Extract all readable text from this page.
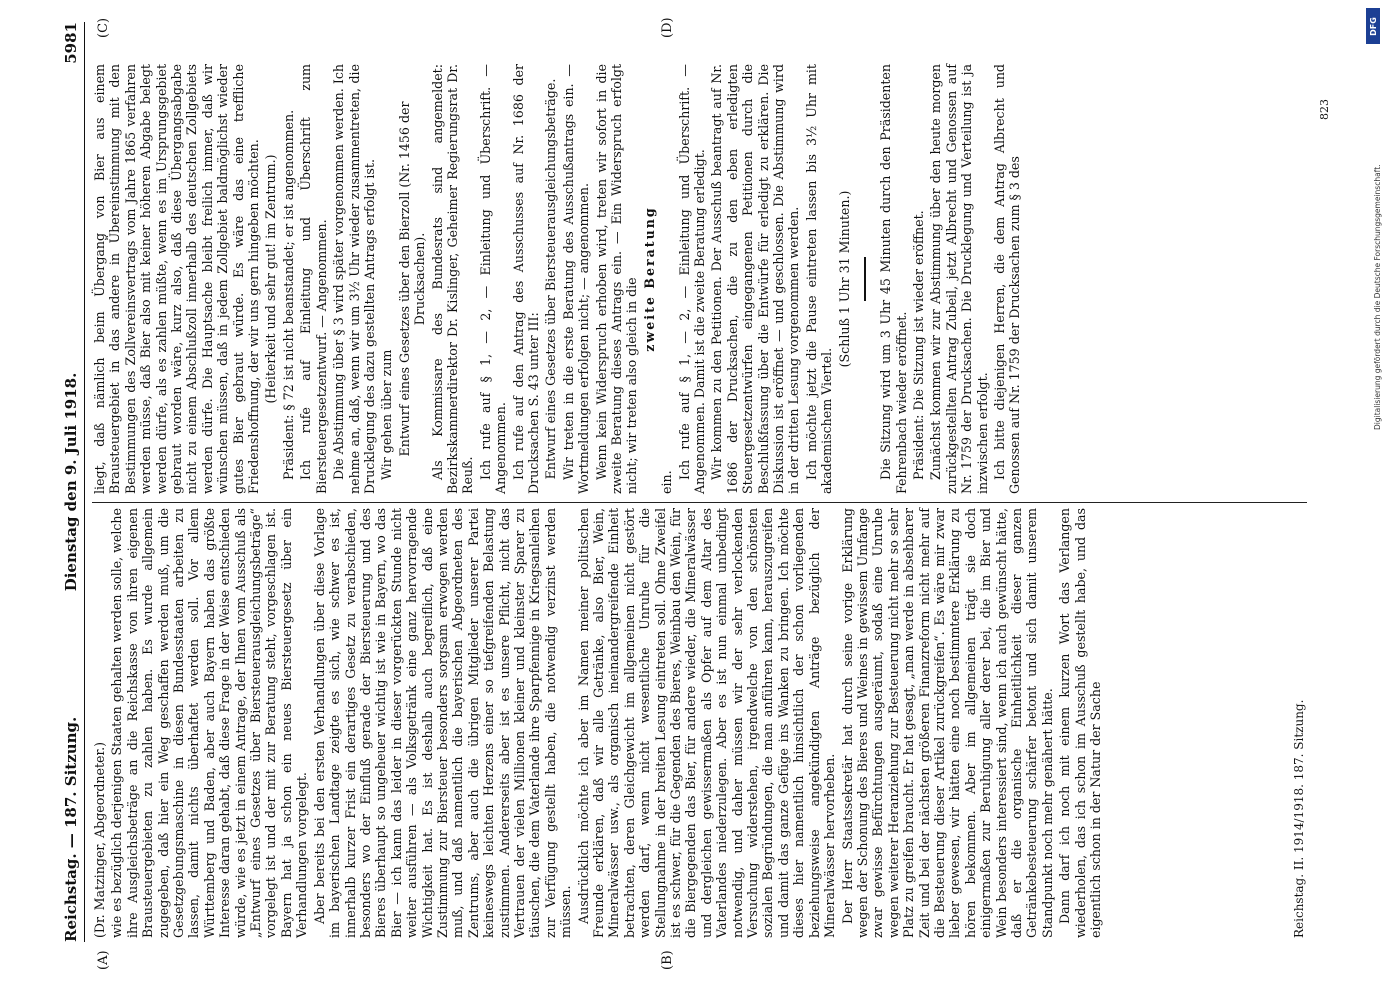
Reichstag. — 187. Sitzung.
Dienstag den 9. Juli 1918.
5981
(A)	(B)
(C)	(D)

(Dr. Matzinger, Abgeordneter.) wie es bezüglich derjenigen Staaten gehalten werden solle, welche ihre Ausgleichsbeträge an die Reichskasse von ihren eigenen Brausteuergebieten zu zahlen haben. Es wurde allgemein zugegeben, daß hier ein Weg geschaffen werden muß, um die Gesetzgebungsmaschine in diesen Bundesstaaten arbeiten zu lassen, damit nichts überhaftet werden soll. Vor allem Württemberg und Baden, aber auch Bayern haben das größte Interesse daran gehabt, daß diese Frage in der Weise entschieden würde, wie es jetzt in einem Antrage, der Ihnen vom Ausschuß als „Entwurf eines Gesetzes über Biersteuerausgleichungsbeträge“ vorgelegt ist und der mit zur Beratung steht, vorgeschlagen ist. Bayern hat ja schon ein neues Biersteuergesetz über ein Verhandlungen vorgelegt. Aber bereits bei den ersten Verhandlungen über diese Vorlage im bayerischen Landtage zeigte es sich, wie schwer es ist, innerhalb kurzer Frist ein derartiges Gesetz zu verabschieden, besonders wo der Einfluß gerade der Biersteuerung und des Bieres überhaupt so ungeheuer wichtig ist wie in Bayern, wo das Bier — ich kann das leider in dieser vorgerückten Stunde nicht weiter ausführen — als Volksgetränk eine ganz hervorragende Wichtigkeit hat. Es ist deshalb auch begreiflich, daß eine Zustimmung zur Biersteuer besonders sorgsam erwogen werden muß, und daß namentlich die bayerischen Abgeordneten des Zentrums, aber auch die übrigen Mitglieder unserer Partei keineswegs leichten Herzens einer so tiefgreifenden Belastung zustimmen. Andererseits aber ist es unsere Pflicht, nicht das Vertrauen der vielen Millionen kleiner und kleinster Sparer zu täuschen, die dem Vaterlande ihre Sparpfennige in Kriegsanleihen zur Verfügung gestellt haben, die notwendig verzinst werden müssen. Ausdrücklich möchte ich aber im Namen meiner politischen Freunde erklären, daß wir alle Getränke, also Bier, Wein, Mineralwässer usw., als organisch ineinandergreifende Einheit betrachten, deren Gleichgewicht im allgemeinen nicht gestört werden darf, wenn nicht wesentliche Unruhe für die Stellungnahme in der breiten Lesung eintreten soll. Ohne Zweifel ist es schwer, für die Gegenden des Bieres, Weinbau den Wein, für die Biergegenden das Bier, für andere wieder, die Mineralwässer und dergleichen gewissermaßen als Opfer auf dem Altar des Vaterlandes niederzulegen. Aber es ist nun einmal unbedingt notwendig, und daher müssen wir der sehr verlockenden Versuchung widerstehen, irgendwelche von den schönsten sozialen Begründungen, die man anführen kann, herauszugreifen und damit das ganze Gefüge ins Wanken zu bringen. Ich möchte dieses hier namentlich hinsichtlich der schon vorliegenden beziehungsweise angekündigten Anträge bezüglich der Mineralwässer hervorheben. Der Herr Staatssekretär hat durch seine vorige Erklärung wegen der Schonung des Bieres und Weines in gewissem Umfange zwar gewisse Befürchtungen ausgeräumt, sodaß eine Unruhe wegen weiterer Heranziehung zur Besteuerung nicht mehr so sehr Platz zu greifen braucht. Er hat gesagt, „man werde in absehbarer Zeit und bei der nächsten größeren Finanzreform nicht mehr auf die Besteuerung dieser Artikel zurückgreifen“. Es wäre mir zwar lieber gewesen, wir hätten eine noch bestimmtere Erklärung zu hören bekommen. Aber im allgemeinen trägt sie doch einigermaßen zur Beruhigung aller derer bei, die im Bier und Wein besonders interessiert sind, wenn ich auch gewünscht hätte, daß er die organische Einheitlichkeit dieser ganzen Getränkebesteuerung schärfer betont und sich damit unserem Standpunkt noch mehr genähert hätte. Dann darf ich noch mit einem kurzen Wort das Verlangen wiederholen, das ich schon im Ausschuß gestellt habe, und das eigentlich schon in der Natur der Sache

liegt, daß nämlich beim Übergang von Bier aus einem Brausteuergebiet in das andere in Übereinstimmung mit den Bestimmungen des Zollvereinsvertrags vom Jahre 1865 verfahren werden müsse, daß Bier also mit keiner höheren Abgabe belegt werden dürfe, als es zahlen müßte, wenn es im Ursprungsgebiet gebraut worden wäre, kurz also, daß diese Übergangsabgabe nicht zu einem Abschlußzoll innerhalb des deutschen Zollgebiets werden dürfe. Die Hauptsache bleibt freilich immer, daß wir wünschen müssen, daß in jedem Zollgebiet baldmöglichst wieder gutes Bier gebraut würde. Es wäre das eine treffliche Friedenshoffnung, der wir uns gern hingeben möchten. (Heiterkeit und sehr gut! im Zentrum.) Präsident: § 72 ist nicht beanstandet; er ist angenommen. Ich rufe auf Einleitung und Überschrift zum Biersteuergesetzentwurf. — Angenommen. Die Abstimmung über § 3 wird später vorgenommen werden. Ich nehme an, daß, wenn wir um 3½ Uhr wieder zusammentreten, die Drucklegung des dazu gestellten Antrags erfolgt ist. Wir gehen über zum Entwurf eines Gesetzes über den Bierzoll (Nr. 1456 der Drucksachen). Als Kommissare des Bundesrats sind angemeldet: Bezirkskammerdirektor Dr. Kislinger, Geheimer Regierungsrat Dr. Reuß. Ich rufe auf § 1, — 2, — Einleitung und Überschrift. — Angenommen. Ich rufe auf den Antrag des Ausschusses auf Nr. 1686 der Drucksachen S. 43 unter III: Entwurf eines Gesetzes über Biersteuerausgleichungsbeträge. Wir treten in die erste Beratung des Ausschußantrags ein. — Wortmeldungen erfolgen nicht; — angenommen. Wenn kein Widerspruch erhoben wird, treten wir sofort in die zweite Beratung dieses Antrags ein. — Ein Widerspruch erfolgt nicht; wir treten also gleich in die zweite Beratung

ein.

Ich rufe auf § 1, — 2, — Einleitung und Überschrift. — Angenommen. Damit ist die zweite Beratung erledigt. Wir kommen zu den Petitionen. Der Ausschuß beantragt auf Nr. 1686 der Drucksachen, die zu den eben erledigten Steuergesetzentwürfen eingegangenen Petitionen durch die Beschlußfassung über die Entwürfe für erledigt zu erklären. Die Diskussion ist eröffnet — und geschlossen. Die Abstimmung wird in der dritten Lesung vorgenommen werden. Ich möchte jetzt die Pause eintreten lassen bis 3½ Uhr mit akademischem Viertel.

(Schluß 1 Uhr 31 Minuten.) Die Sitzung wird um 3 Uhr 45 Minuten durch den Präsidenten Fehrenbach wieder eröffnet. Präsident: Die Sitzung ist wieder eröffnet. Zunächst kommen wir zur Abstimmung über den heute morgen zurückgestellten Antrag Zubeil, jetzt Albrecht und Genossen auf Nr. 1759 der Drucksachen. Die Drucklegung und Verteilung ist ja inzwischen erfolgt. Ich bitte diejenigen Herren, die dem Antrag Albrecht und Genossen auf Nr. 1759 der Drucksachen zum § 3 des

Reichstag. II. 1914/1918. 187. Sitzung.
823
DFG
Digitalisierung gefördert durch die Deutsche Forschungsgemeinschaft.
